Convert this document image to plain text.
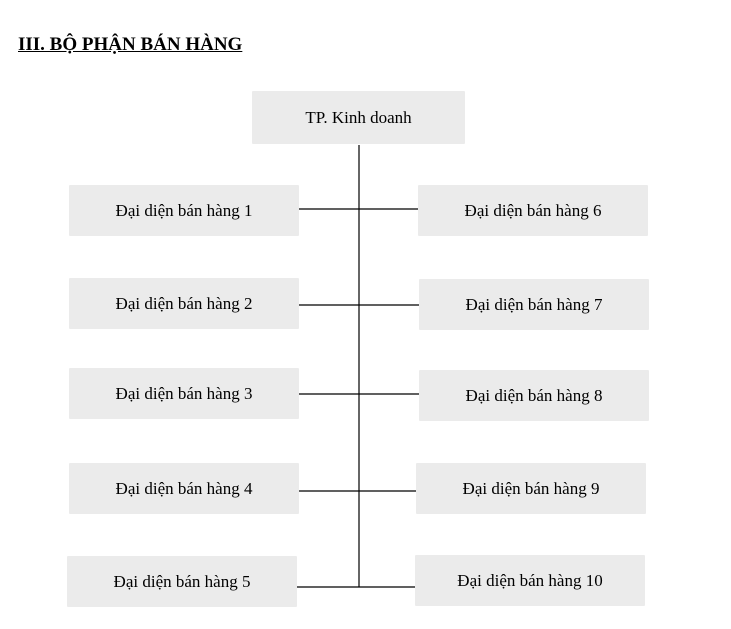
III. BỘ PHẬN BÁN HÀNG
TP. Kinh doanh
Đại diện bán hàng 1
Đại diện bán hàng 2
Đại diện bán hàng 3
Đại diện bán hàng 4
Đại diện bán hàng 5
Đại diện bán hàng 6
Đại diện bán hàng 7
Đại diện bán hàng 8
Đại diện bán hàng 9
Đại diện bán hàng 10
